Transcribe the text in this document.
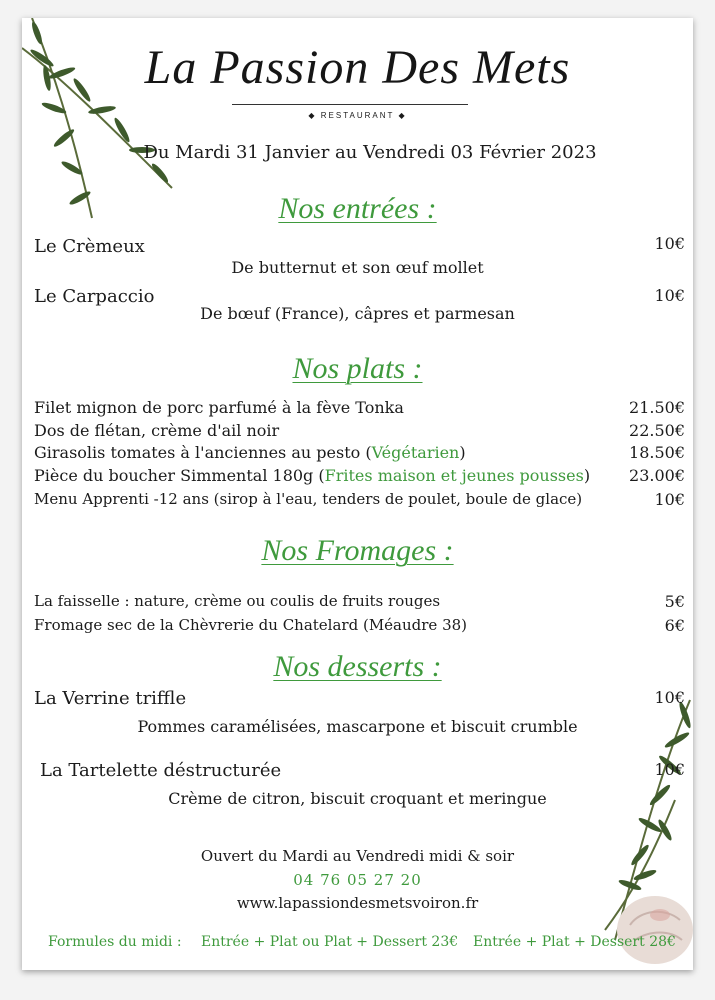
La Passion Des Mets
◆ RESTAURANT ◆
Du Mardi 31 Janvier au Vendredi 03 Février 2023
Nos entrées :
Le Crèmeux	10€
De butternut et son œuf mollet
Le Carpaccio	10€
De bœuf (France), câpres et parmesan
Nos plats :
Filet mignon de porc parfumé à la fève Tonka	21.50€
Dos de flétan, crème d'ail noir	22.50€
Girasolis tomates à l'anciennes au pesto (Végétarien)	18.50€
Pièce du boucher Simmental 180g (Frites maison et jeunes pousses) 23.00€
Menu Apprenti -12 ans (sirop à l'eau, tenders de poulet, boule de glace)	10€
Nos Fromages :
La faisselle : nature, crème ou coulis de fruits rouges	5€
Fromage sec de la Chèvrerie du Chatelard (Méaudre 38)	6€
Nos desserts :
La Verrine triffle	10€
Pommes caramélisées, mascarpone et biscuit crumble
La Tartelette déstructurée	10€
Crème de citron, biscuit croquant et meringue
Ouvert du Mardi au Vendredi midi & soir
04 76 05 27 20
www.lapassiondesmetsvoiron.fr
Formules du midi : Entrée + Plat ou Plat + Dessert 23€ Entrée + Plat + Dessert 28€
